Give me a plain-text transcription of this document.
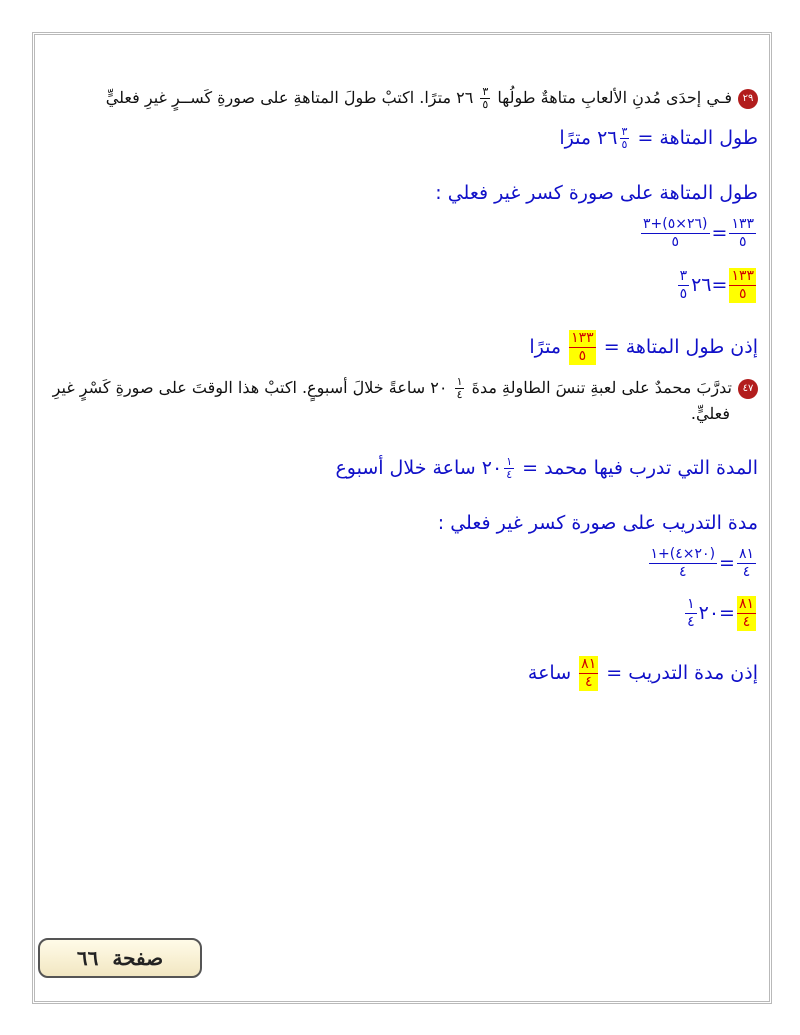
٢٩فـي إحدَى مُدنِ الألعابِ متاهةٌ طولُها
$\frac{٣}{٥}$
٢٦ مترًا. اكتبْ طولَ المتاهةِ على صورةِ كَســرٍ غيرِ فعليٍّ
طول المتاهة =
$\frac{٣}{٥}$
٢٦ مترًا
طول المتاهة على صورة كسر غير فعلي :
$\frac{١٣٣}{٥}$
=
$\frac{(٢٦\times ٥)+٣}{٥}$
$\frac{١٣٣}{٥}$
=٢٦
$\frac{٣}{٥}$
إذن طول المتاهة =
$\frac{١٣٣}{٥}$
مترًا
٤٧تدرَّبَ محمدٌ على لعبةِ تنسَ الطاولةِ مدةَ
$\frac{١}{٤}$
٢٠ ساعةً خلالَ أسبوعٍ. اكتبْ هذا الوقتَ على صورةِ كَسْرٍ غيرِ
فعليٍّ.
المدة التي تدرب فيها محمد =
$\frac{١}{٤}$
٢٠ ساعة خلال أسبوع
مدة التدريب على صورة كسر غير فعلي :
$\frac{٨١}{٤}$
=
$\frac{(٢٠\times ٤)+١}{٤}$
$\frac{٨١}{٤}$
=٢٠
$\frac{١}{٤}$
إذن مدة التدريب =
$\frac{٨١}{٤}$
ساعة
صفحة
٦٦
